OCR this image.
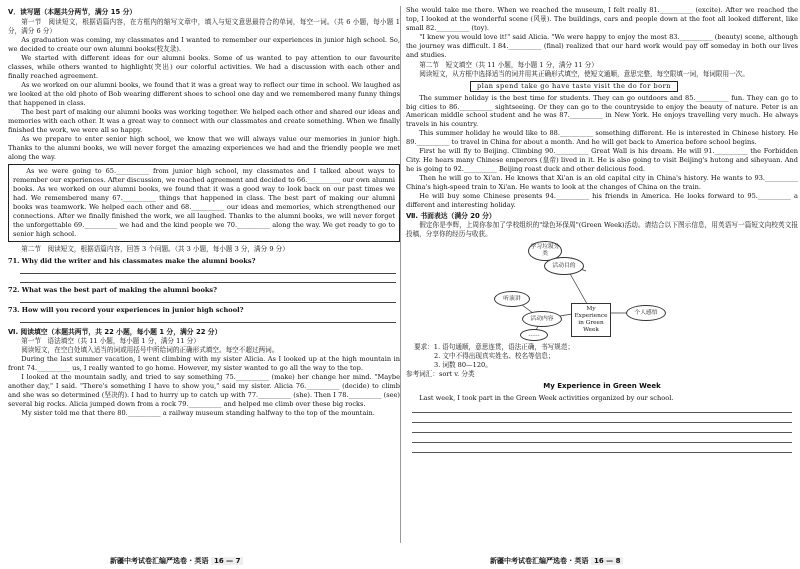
V．读写题（本题共分两节，满分 15 分）

第一节　阅读短文，根据语篇内容，在方框内的缩写文章中，填入与短文意思最符合的单词，每空一词。（共 6 小题，每小题 1 分，满分 6 分）

As graduation was coming, my classmates and I wanted to remember our experiences in junior high school. So, we decided to create our own alumni books(校友录).

We started with different ideas for our alumni books. Some of us wanted to pay attention to our favourite classes, while others wanted to highlight(突出) our colorful activities. We had a discussion with each other and finally reached agreement.

As we worked on our alumni books, we found that it was a great way to reflect our time in school. We laughed as we looked at the old photo of Bob wearing different shoes to school one day and we remembered many funny things that happened in class.

The best part of making our alumni books was working together. We helped each other and shared our ideas and memories with each other. It was a great way to connect with our classmates and create something. When we finally finished the work, we were all so happy.

As we prepare to enter senior high school, we know that we will always value our memories in junior high. Thanks to the alumni books, we will never forget the amazing experiences we had and the friendly people we met along the way.

As we were going to 65.__________ from junior high school, my classmates and I talked about ways to remember our experiences. After discussion, we reached agreement and decided to 66.__________ our own alumni books. As we worked on our alumni books, we found that it was a good way to look back on our past times we had. We remembered many 67.__________ things that happened in class. The best part of making our alumni books was teamwork. We helped each other and 68.__________ our ideas and memories, which strengthened our connections. After we finally finished the work, we all laughed. Thanks to the alumni books, we will never forget the unforgettable 69.__________ we had and the kind people we 70.__________ along the way. We get ready to go to senior high school.

第二节　阅读短文，根据语篇内容，回答 3 个问题。（共 3 小题，每小题 3 分，满分 9 分）

71. Why did the writer and his classmates make the alumni books?
72. What was the best part of making the alumni books?
73. How will you record your experiences in junior high school?
Ⅵ. 阅读填空（本题共两节，共 22 小题，每小题 1 分，满分 22 分）

第一节　语法填空（共 11 小题，每小题 1 分，满分 11 分）

阅读短文，在空白处填入适当的词或用括号中所给词的正确形式填空。每空不超过两词。

During the last summer vacation, I went climbing with my sister Alicia. As I looked up at the high mountain in front 74.__________ us, I really wanted to go home. However, my sister wanted to go all the way to the top.

I looked at the mountain sadly, and tried to say something 75.__________ (make) her change her mind. "Maybe another day," I said. "There's something I have to show you," said my sister. Alicia 76.__________ (decide) to climb and she was so determined (坚决的). I had to hurry up to catch up with 77.__________ (she). Then I 78.__________ (see) several big rocks. Alicia jumped down from a rock 79.__________ and helped me climb over these big rocks.

My sister told me that there 80.__________ a railway museum standing halfway to the top of the mountain.

新疆中考试卷汇编严选卷 · 英语 16 — 7

She would take me there. When we reached the museum, I felt really 81.__________ (excite). After we reached the top, I looked at the wonderful scene (风景). The buildings, cars and people down at the foot all looked different, like small 82.__________ (toy).

"I knew you would love it!" said Alicia. "We were happy to enjoy the most 83.__________ (beauty) scene, although the journey was difficult. I 84.__________ (final) realized that our hard work would pay off someday in both our lives and studies.

第二节　短文填空（共 11 小题，每小题 1 分，满分 11 分）

阅读短文，从方框中选择适当的词并用其正确形式填空，使短文通顺，意思完整，每空限填一词，每词限用一次。

plan spend take go have taste visit the do for born

The summer holiday is the best time for students. They can go outdoors and 85.__________ fun. They can go to big cities to 86.__________ sightseeing. Or they can go to the countryside to enjoy the beauty of nature. Peter is an American middle school student and he was 87.__________ in New York. He enjoys travelling very much. He always travels in his country.

This summer holiday he would like to 88.__________ something different. He is interested in Chinese history. He 89.__________ to travel in China for about a month. And he will get back to America before school begins.

First he will fly to Beijing. Climbing 90.__________ Great Wall is his dream. He will 91.__________ the Forbidden City. He hears many Chinese emperors (皇帝) lived in it. He is also going to visit Beijing's hutong and siheyuan. And he is going to 92.__________ Beijing roast duck and other delicious food.

Then he will go to Xi'an. He knows that Xi'an is an old capital city in China's history. He wants to 93.__________ China's high-speed train to Xi'an. He wants to look at the changes of China on the train.

He will buy some Chinese presents 94.__________ his friends in America. He looks forward to 95.__________ a different and interesting holiday.

Ⅶ. 书面表达（满分 20 分）

假定你是李辉，上周你参加了学校组织的"绿色环保周"(Green Week)活动。请结合以下图示信息，用英语写一篇短文向校英文报投稿，分享你的经历与收获。

学习垃圾分类
活动目的
听演讲
活动内容
……
My Experience in Green Week
个人感悟
要求：1. 语句通顺，意思连贯，语法正确，书写规范；
2. 文中不得出现真实姓名、校名等信息；
3. 词数 80—120。
参考词汇：sort v. 分类
My Experience in Green Week

Last week, I took part in the Green Week activities organized by our school.

新疆中考试卷汇编严选卷 · 英语 16 — 8
